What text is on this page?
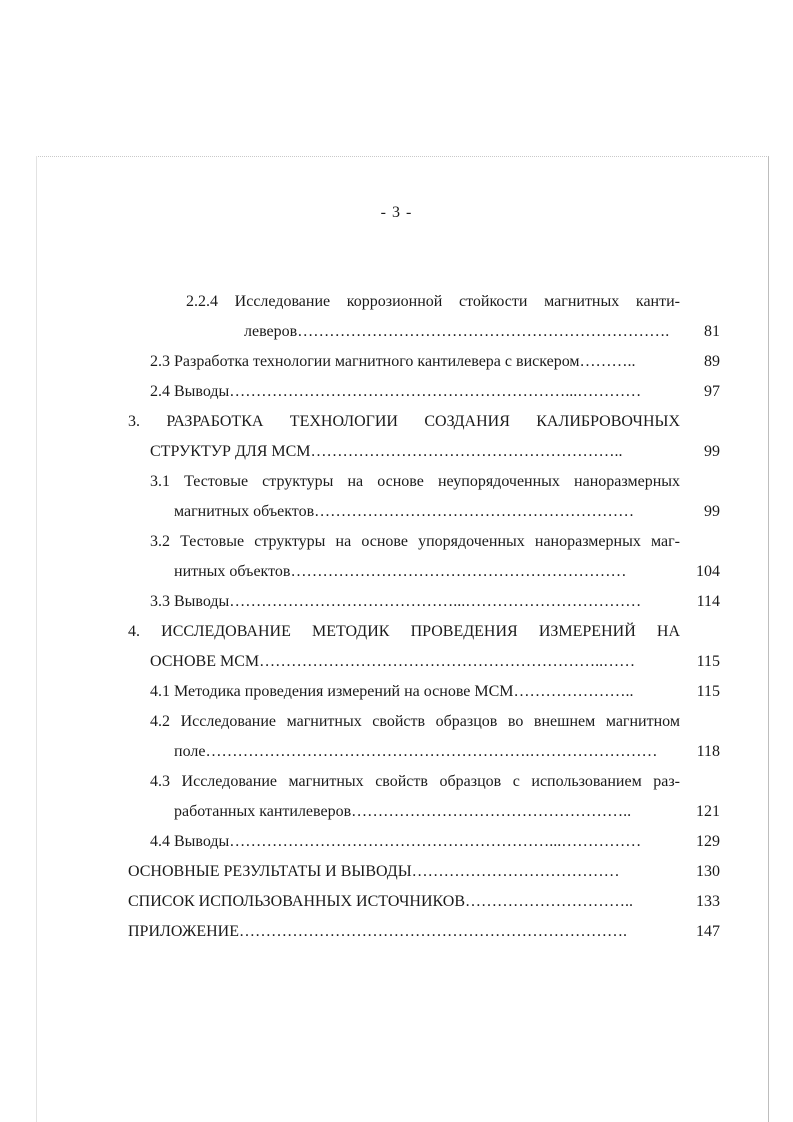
- 3 -
2.2.4 Исследование коррозионной стойкости магнитных канти-
леверов…………………………………………………………….	81
2.3 Разработка технологии магнитного кантилевера с вискером………..	89
2.4 Выводы………………………………………………………...…………	97
3. РАЗРАБОТКА ТЕХНОЛОГИИ СОЗДАНИЯ КАЛИБРОВОЧНЫХ
СТРУКТУР ДЛЯ МСМ…………………………………………………..	99
3.1 Тестовые структуры на основе неупорядоченных наноразмерных
магнитных объектов……………………………………………………	99
3.2 Тестовые структуры на основе упорядоченных наноразмерных маг-
нитных объектов………………………………………………………	104
3.3 Выводы……………………………………...……………………………	114
4. ИССЛЕДОВАНИЕ МЕТОДИК ПРОВЕДЕНИЯ ИЗМЕРЕНИЙ НА
ОСНОВЕ МСМ………………………………………………………..……	115
4.1 Методика проведения измерений на основе МСМ…………………..	115
4.2 Исследование магнитных свойств образцов во внешнем магнитном
поле…………………………………………………….……………………	118
4.3 Исследование магнитных свойств образцов с использованием раз-
работанных кантилеверов……………………………………………..	121
4.4 Выводы……………………………………………………...……………	129
ОСНОВНЫЕ РЕЗУЛЬТАТЫ И ВЫВОДЫ…………………………………	130
СПИСОК ИСПОЛЬЗОВАННЫХ ИСТОЧНИКОВ…………………………..	133
ПРИЛОЖЕНИЕ……………………………………………………………….	147
